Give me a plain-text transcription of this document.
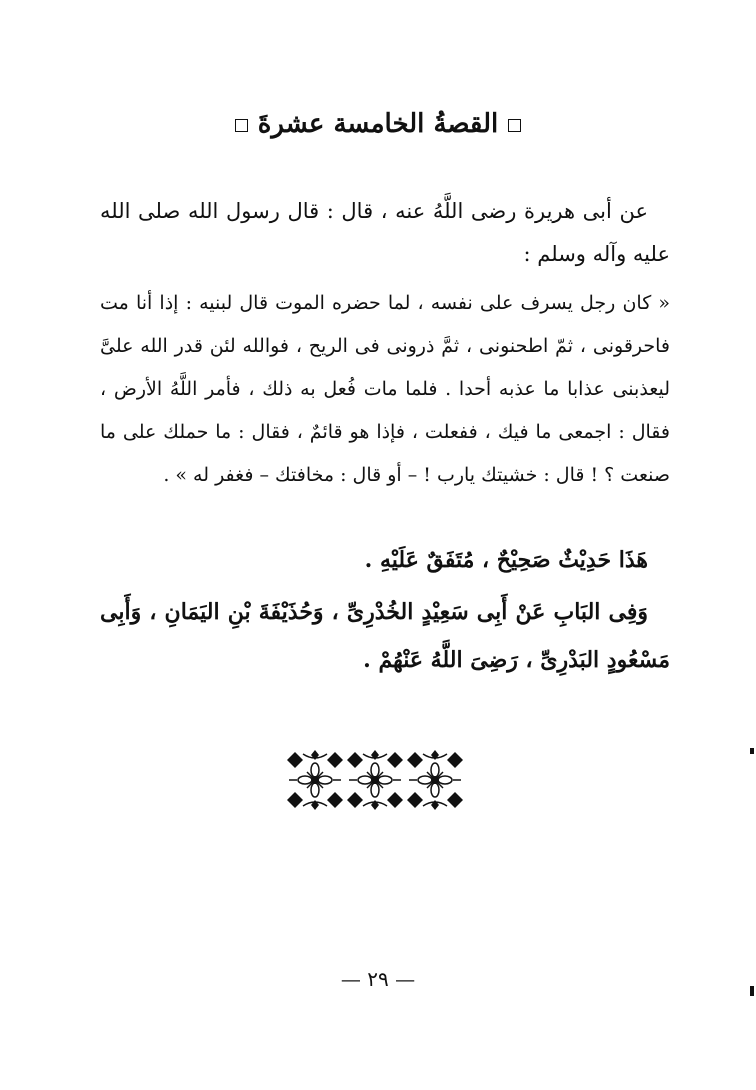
القصةُ الخامسة عشرةَ

عن أبى هريرة رضى اللَّهُ عنه ، قال : قال رسول الله صلى الله عليه وآله وسلم :

« كان رجل يسرف على نفسه ، لما حضره الموت قال لبنيه : إذا أنا مت فاحرقونى ، ثمّ اطحنونى ، ثمَّ ذرونى فى الريح ، فوالله لئن قدر الله علىَّ ليعذبنى عذابا ما عذبه أحدا . فلما مات فُعل به ذلك ، فأمر اللَّهُ الأرض ، فقال : اجمعى ما فيك ، ففعلت ، فإذا هو قائمٌ ، فقال : ما حملك على ما صنعت ؟ ! قال : خشيتك يارب ! – أو قال : مخافتك – فغفر له » .

هَذَا حَدِيْثٌ صَحِيْحٌ ، مُتَفَقٌ عَلَيْهِ .

وَفِى البَابِ عَنْ أَبِى سَعِيْدٍ الخُدْرِىِّ ، وَحُذَيْفَةَ بْنِ اليَمَانِ ، وَأَبِى مَسْعُودٍ البَدْرِىِّ ، رَضِىَ اللَّهُ عَنْهُمْ .

— ٢٩ —
